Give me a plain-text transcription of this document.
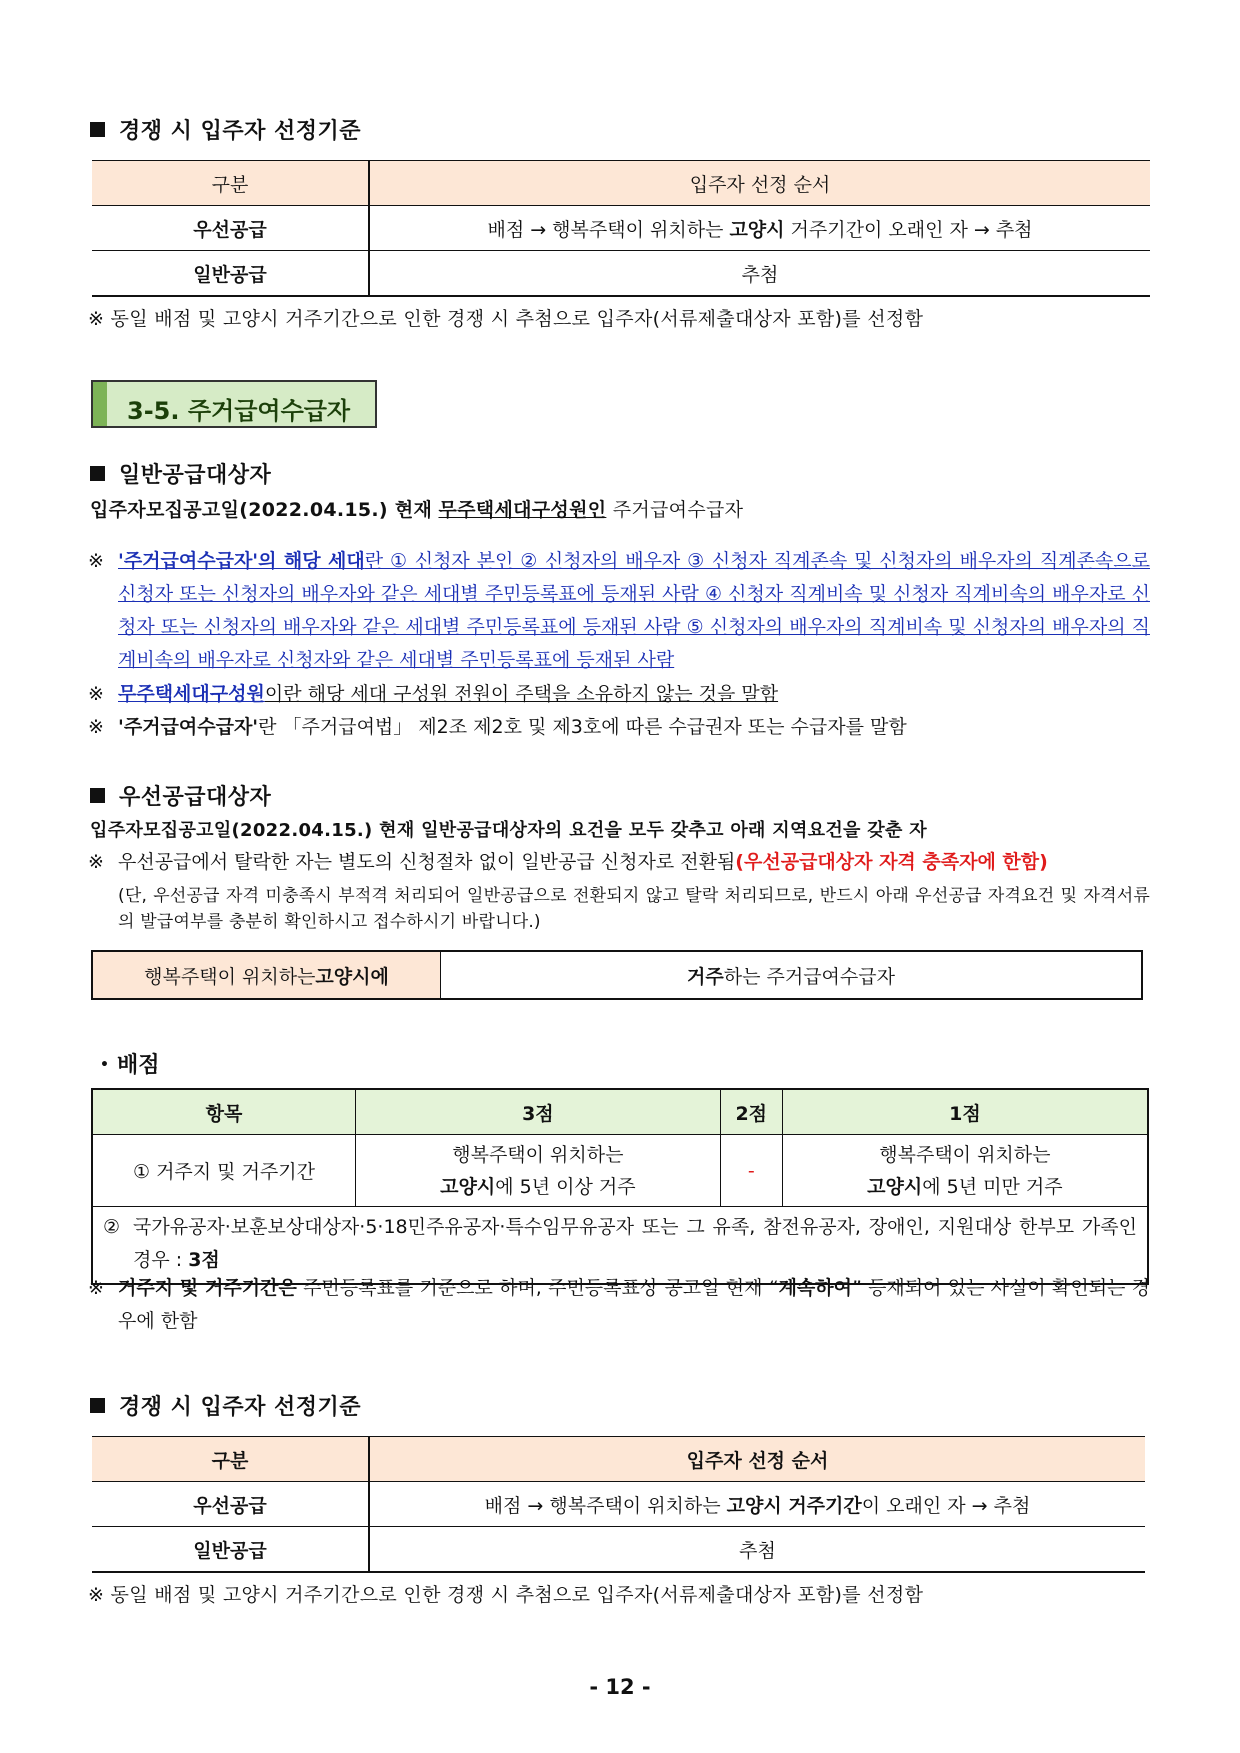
경쟁 시 입주자 선정기준
구분	입주자 선정 순서
우선공급	배점 → 행복주택이 위치하는 고양시 거주기간이 오래인 자 → 추첨
일반공급	추첨
※ 동일 배점 및 고양시 거주기간으로 인한 경쟁 시 추첨으로 입주자(서류제출대상자 포함)를 선정함
3-5. 주거급여수급자
일반공급대상자
입주자모집공고일(2022.04.15.) 현재 무주택세대구성원인 주거급여수급자
※ '주거급여수급자'의 해당 세대란 ① 신청자 본인 ② 신청자의 배우자 ③ 신청자 직계존속 및 신청자의 배우자의 직계존속으로 신청자 또는 신청자의 배우자와 같은 세대별 주민등록표에 등재된 사람 ④ 신청자 직계비속 및 신청자 직계비속의 배우자로 신청자 또는 신청자의 배우자와 같은 세대별 주민등록표에 등재된 사람 ⑤ 신청자의 배우자의 직계비속 및 신청자의 배우자의 직계비속의 배우자로 신청자와 같은 세대별 주민등록표에 등재된 사람
※ 무주택세대구성원이란 해당 세대 구성원 전원이 주택을 소유하지 않는 것을 말함
※ '주거급여수급자'란 「주거급여법」 제2조 제2호 및 제3호에 따른 수급권자 또는 수급자를 말함
우선공급대상자
입주자모집공고일(2022.04.15.) 현재 일반공급대상자의 요건을 모두 갖추고 아래 지역요건을 갖춘 자
※ 우선공급에서 탈락한 자는 별도의 신청절차 없이 일반공급 신청자로 전환됨(우선공급대상자 자격 충족자에 한함)
(단, 우선공급 자격 미충족시 부적격 처리되어 일반공급으로 전환되지 않고 탈락 처리되므로, 반드시 아래 우선공급 자격요건 및 자격서류의 발급여부를 충분히 확인하시고 접수하시기 바랍니다.)
행복주택이 위치하는 고양시에	거주 하는 주거급여수급자
• 배점
항목	3점	2점	1점
① 거주지 및 거주기간	행복주택이 위치하는
고양시에 5년 이상 거주	-	행복주택이 위치하는
고양시에 5년 미만 거주

② 국가유공자·보훈보상대상자·5·18민주유공자·특수임무유공자 또는 그 유족, 참전유공자, 장애인, 지원대상 한부모 가족인 경우 : 3점			
※ 거주지 및 거주기간은 주민등록표를 기준으로 하며, 주민등록표상 공고일 현재 “계속하여” 등재되어 있는 사실이 확인되는 경우에 한함
경쟁 시 입주자 선정기준
구분	입주자 선정 순서
우선공급	배점 → 행복주택이 위치하는 고양시 거주기간이 오래인 자 → 추첨
일반공급	추첨
※ 동일 배점 및 고양시 거주기간으로 인한 경쟁 시 추첨으로 입주자(서류제출대상자 포함)를 선정함
- 12 -
